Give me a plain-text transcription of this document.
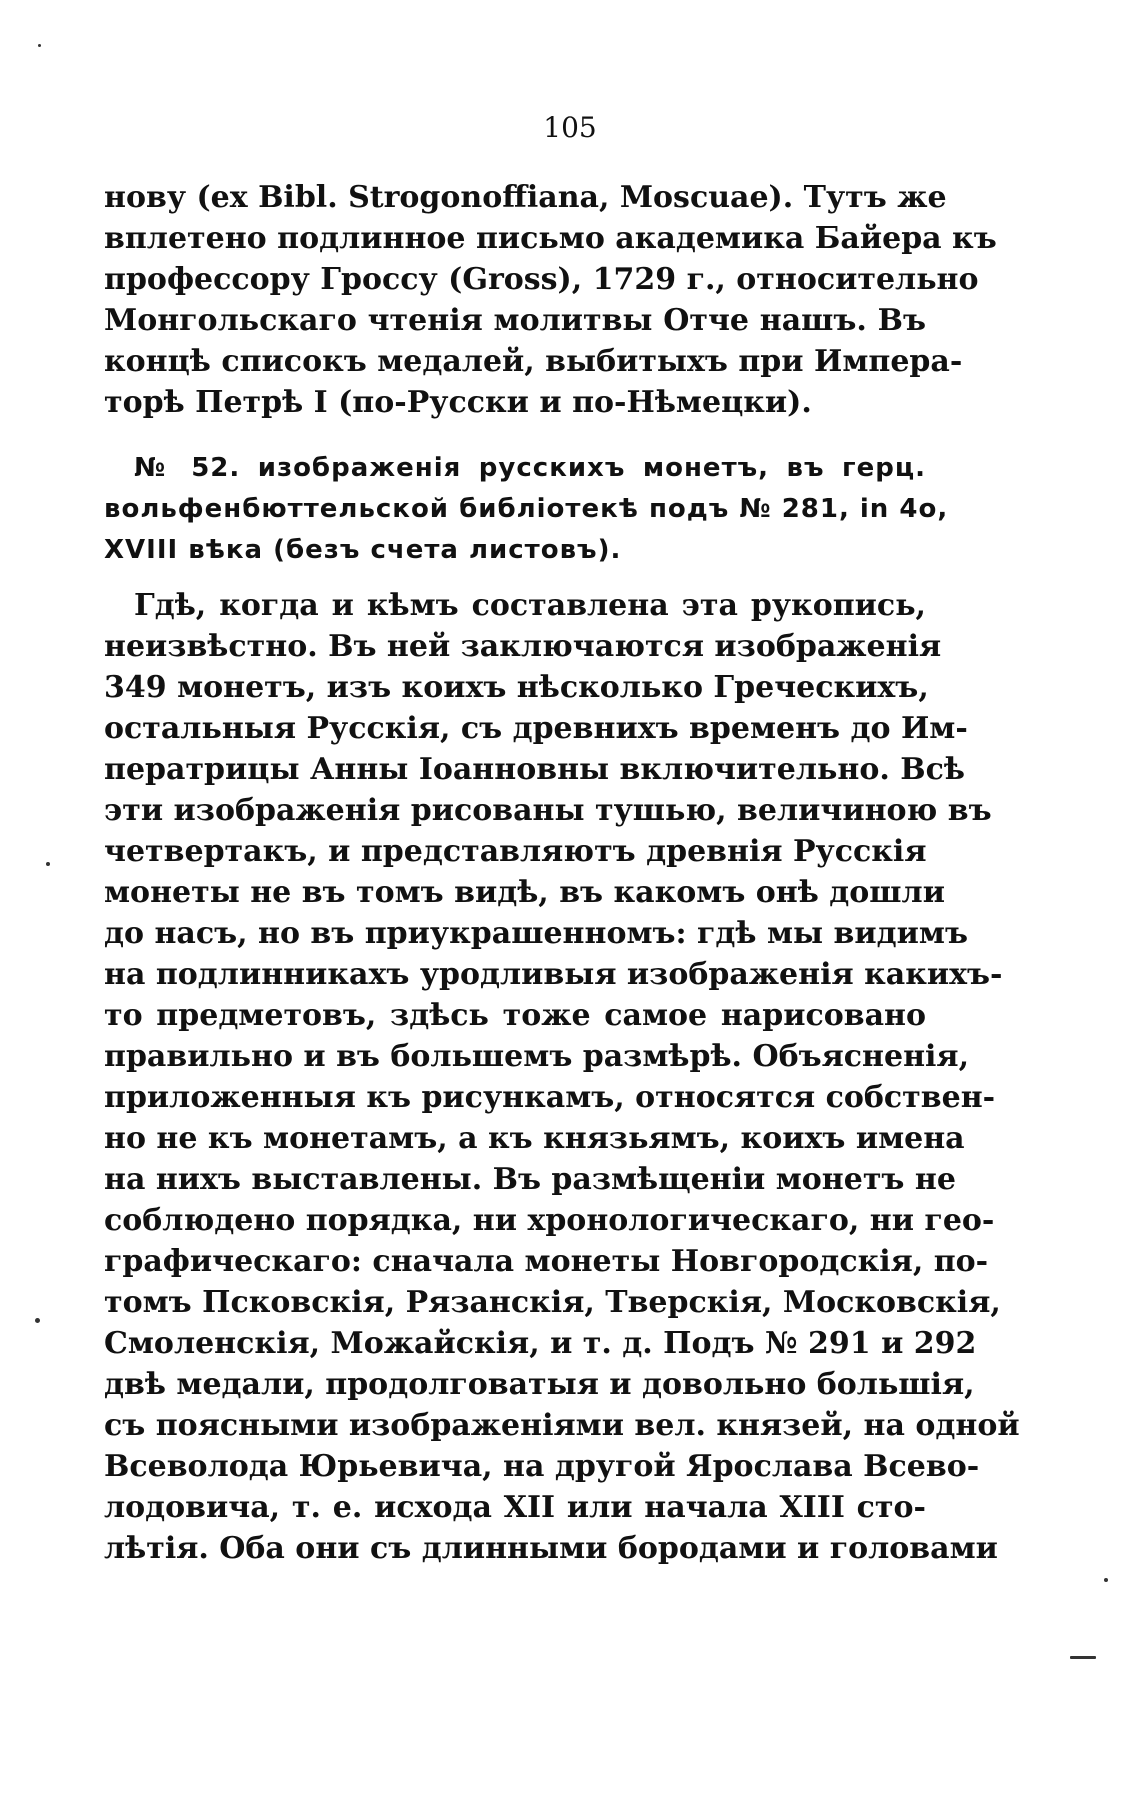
105
нову (ex Bibl. Strogonoffiana, Moscuae). Тутъ же
вплетено подлинное письмо академика Байера къ
профессору Гроссу (Gross), 1729 г., относительно
Монгольскаго чтенія молитвы Отче нашъ. Въ
концѣ списокъ медалей, выбитыхъ при Импера-
торѣ Петрѣ I (по-Русски и по-Нѣмецки).
№ 52. изображенія русскихъ монетъ, въ герц.
вольфенбюттельской библіотекѣ подъ № 281, in 4о,
XVIII вѣка (безъ счета листовъ).
Гдѣ, когда и кѣмъ составлена эта рукопись,
неизвѣстно. Въ ней заключаются изображенія
349 монетъ, изъ коихъ нѣсколько Греческихъ,
остальныя Русскія, съ древнихъ временъ до Им-
ператрицы Анны Іоанновны включительно. Всѣ
эти изображенія рисованы тушью, величиною въ
четвертакъ, и представляютъ древнія Русскія
монеты не въ томъ видѣ, въ какомъ онѣ дошли
до насъ, но въ приукрашенномъ: гдѣ мы видимъ
на подлинникахъ уродливыя изображенія какихъ-
то предметовъ, здѣсь тоже самое нарисовано
правильно и въ большемъ размѣрѣ. Объясненія,
приложенныя къ рисункамъ, относятся собствен-
но не къ монетамъ, а къ князьямъ, коихъ имена
на нихъ выставлены. Въ размѣщеніи монетъ не
соблюдено порядка, ни хронологическаго, ни гео-
графическаго: сначала монеты Новгородскія, по-
томъ Псковскія, Рязанскія, Тверскія, Московскія,
Смоленскія, Можайскія, и т. д. Подъ № 291 и 292
двѣ медали, продолговатыя и довольно большія,
съ поясными изображеніями вел. князей, на одной
Всеволода Юрьевича, на другой Ярослава Всево-
лодовича, т. е. исхода XII или начала XIII сто-
лѣтія. Оба они съ длинными бородами и головами
